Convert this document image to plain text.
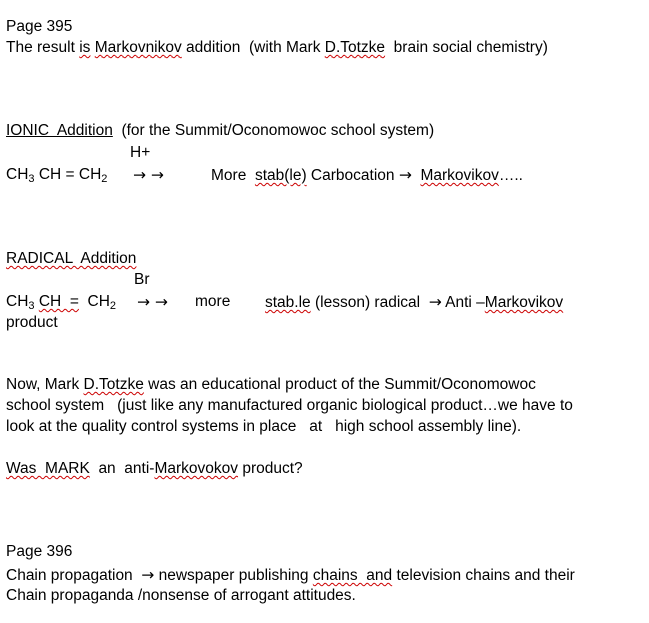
Page 395
The result is Markovnikov addition  (with Mark D.Totzke  brain social chemistry)
IONIC  Addition  (for the Summit/Oconomowoc school system)
H+
$CH_3$ CH = $CH_2$ → →	More  stab(le) Carbocation → Markovikov…..
RADICAL  Addition
Br
$CH_3$ CH  =  $CH_2$ → → more stab.le (lesson) radical  → Anti –Markovikov
product
Now, Mark D.Totzke was an educational product of the Summit/Oconomowoc
school system   (just like any manufactured organic biological product…we have to
look at the quality control systems in place   at   high school assembly line).
Was  MARK  an  anti-Markovokov product?
Page 396
Chain propagation  → newspaper publishing chains  and television chains and their
Chain propaganda /nonsense of arrogant attitudes.
